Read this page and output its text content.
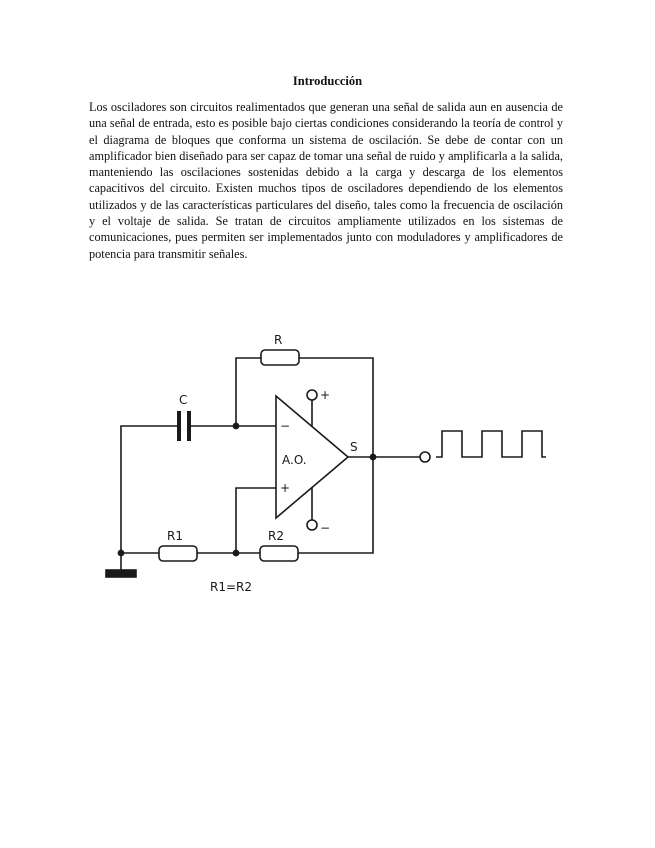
Introducción

Los osciladores son circuitos realimentados que generan una señal de salida aun en ausencia de una señal de entrada, esto es posible bajo ciertas condiciones considerando la teoría de control y el diagrama de bloques que conforma un sistema de oscilación. Se debe de contar con un amplificador bien diseñado para ser capaz de tomar una señal de ruido y amplificarla a la salida, manteniendo las oscilaciones sostenidas debido a la carga y descarga de los elementos capacitivos del circuito. Existen muchos tipos de osciladores dependiendo de los elementos utilizados y de las características particulares del diseño, tales como la frecuencia de oscilación y el voltaje de salida. Se tratan de circuitos ampliamente utilizados en los sistemas de comunicaciones, pues permiten ser implementados junto con moduladores y amplificadores de potencia para transmitir señales.

R
C
A.O.
+
−
−
+
S
R1	R2
R1=R2
